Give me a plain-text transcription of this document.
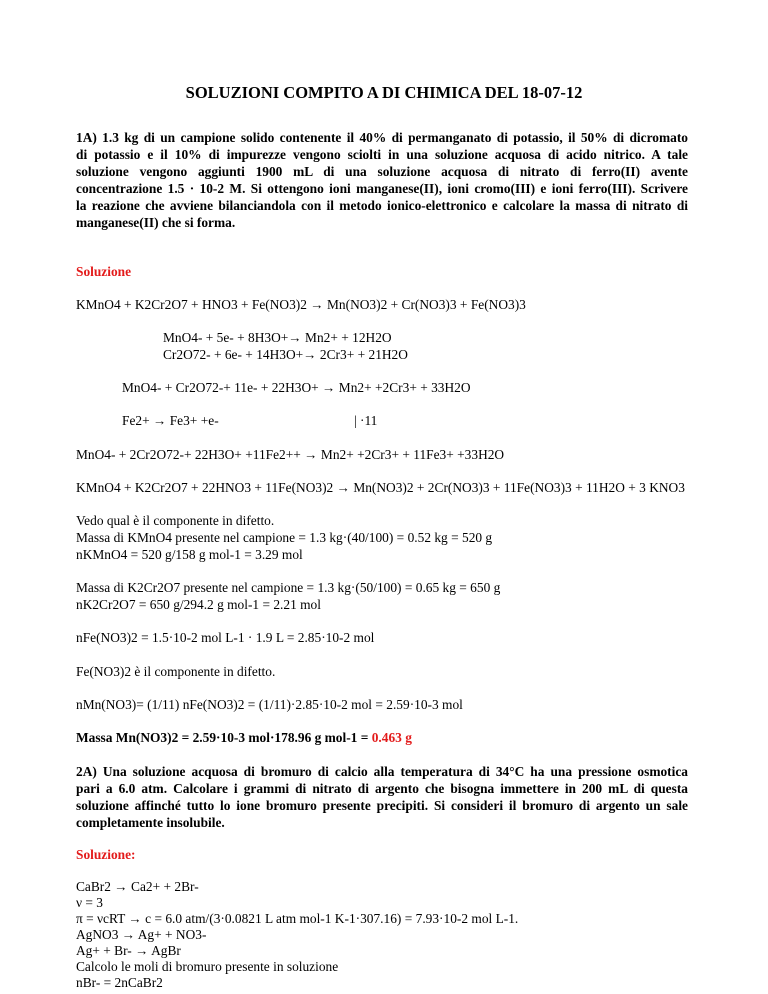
SOLUZIONI COMPITO A DI CHIMICA DEL 18-07-12
1A) 1.3 kg di un campione solido contenente il 40% di permanganato di potassio, il 50% di dicromato
di potassio e il 10% di impurezze vengono sciolti in una soluzione acquosa di acido nitrico. A tale
soluzione vengono aggiunti 1900 mL di una soluzione acquosa di nitrato di ferro(II) avente
concentrazione 1.5 · 10-2 M. Si ottengono ioni manganese(II), ioni cromo(III) e ioni ferro(III). Scrivere
la reazione che avviene bilanciandola con il metodo ionico-elettronico e calcolare la massa di nitrato di
manganese(II) che si forma.
Soluzione
KMnO4 + K2Cr2O7 + HNO3 + Fe(NO3)2 → Mn(NO3)2 + Cr(NO3)3 + Fe(NO3)3
MnO4- + 5e- + 8H3O+→ Mn2+ + 12H2O
Cr2O72- + 6e- + 14H3O+→ 2Cr3+ + 21H2O
MnO4- + Cr2O72-+ 11e- + 22H3O+ → Mn2+ +2Cr3+ + 33H2O
Fe2+ → Fe3+ +e-	| ·11
MnO4- + 2Cr2O72-+ 22H3O+ +11Fe2++ → Mn2+ +2Cr3+ + 11Fe3+ +33H2O
KMnO4 + K2Cr2O7 + 22HNO3 + 11Fe(NO3)2 → Mn(NO3)2 + 2Cr(NO3)3 + 11Fe(NO3)3 + 11H2O + 3 KNO3
Vedo qual è il componente in difetto.
Massa di KMnO4 presente nel campione = 1.3 kg·(40/100) = 0.52 kg = 520 g
nKMnO4 = 520 g/158 g mol-1 = 3.29 mol
Massa di K2Cr2O7 presente nel campione = 1.3 kg·(50/100) = 0.65 kg = 650 g
nK2Cr2O7 = 650 g/294.2 g mol-1 = 2.21 mol
nFe(NO3)2 = 1.5·10-2 mol L-1 · 1.9 L = 2.85·10-2 mol
Fe(NO3)2 è il componente in difetto.
nMn(NO3)= (1/11) nFe(NO3)2 = (1/11)·2.85·10-2 mol = 2.59·10-3 mol
Massa Mn(NO3)2 = 2.59·10-3 mol·178.96 g mol-1 = 0.463 g
2A) Una soluzione acquosa di bromuro di calcio alla temperatura di 34°C ha una pressione osmotica
pari a 6.0 atm. Calcolare i grammi di nitrato di argento che bisogna immettere in 200 mL di questa
soluzione affinché tutto lo ione bromuro presente precipiti. Si consideri il bromuro di argento un sale
completamente insolubile.
Soluzione:
CaBr2 → Ca2+ + 2Br-
ν = 3
π = νcRT → c = 6.0 atm/(3·0.0821 L atm mol-1 K-1·307.16) = 7.93·10-2 mol L-1.
AgNO3 → Ag+ + NO3-
Ag+ + Br- → AgBr
Calcolo le moli di bromuro presente in soluzione
nBr- = 2nCaBr2
